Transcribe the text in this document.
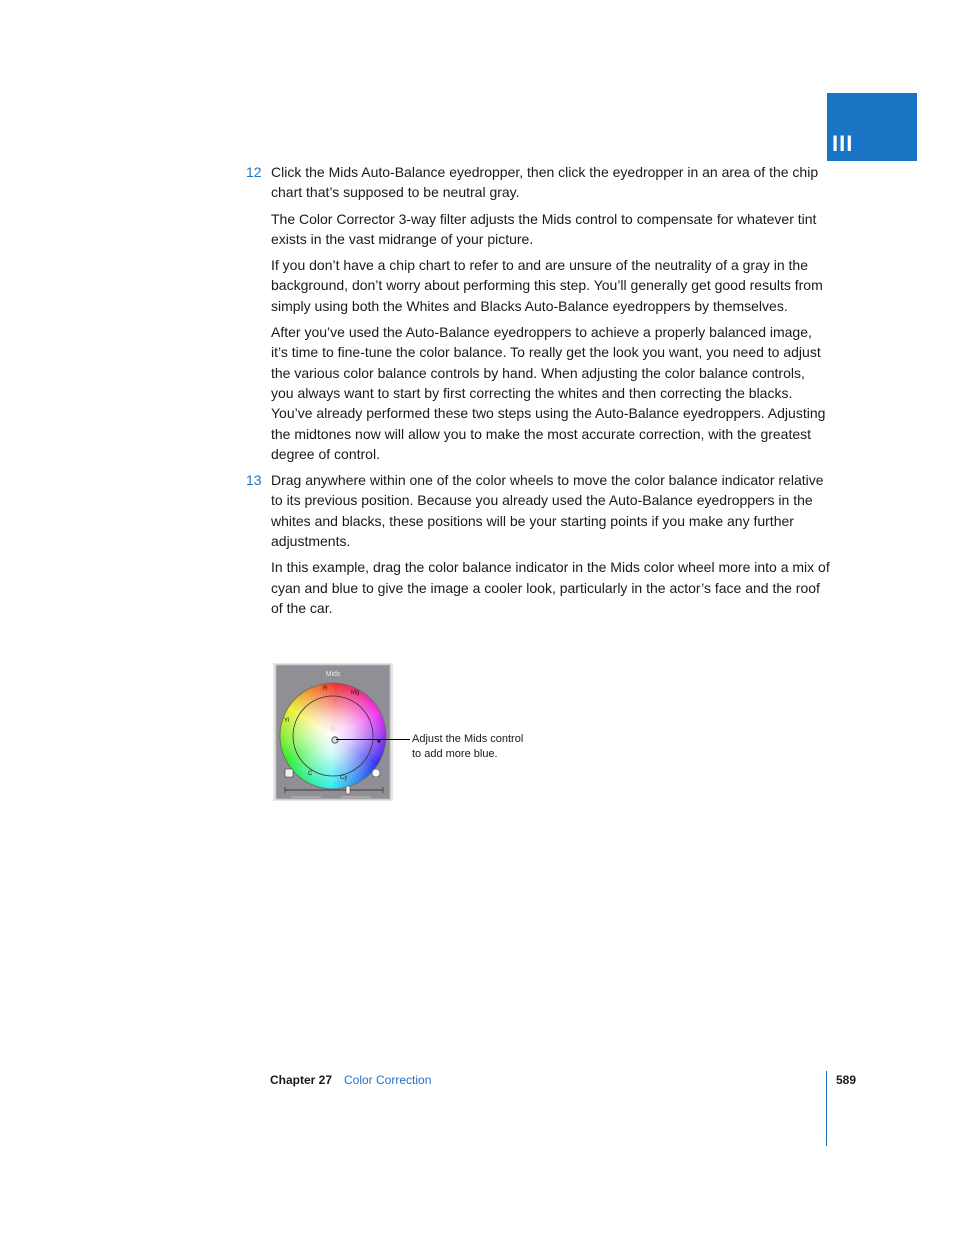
III
12 Click the Mids Auto-Balance eyedropper, then click the eyedropper in an area of the chip chart that’s supposed to be neutral gray.

The Color Corrector 3-way filter adjusts the Mids control to compensate for whatever tint exists in the vast midrange of your picture.

If you don’t have a chip chart to refer to and are unsure of the neutrality of a gray in the background, don’t worry about performing this step. You’ll generally get good results from simply using both the Whites and Blacks Auto-Balance eyedroppers by themselves.

After you’ve used the Auto-Balance eyedroppers to achieve a properly balanced image, it’s time to fine-tune the color balance. To really get the look you want, you need to adjust the various color balance controls by hand. When adjusting the color balance controls, you always want to start by first correcting the whites and then correcting the blacks. You’ve already performed these two steps using the Auto-Balance eyedroppers. Adjusting the midtones now will allow you to make the most accurate correction, with the greatest degree of control.

13 Drag anywhere within one of the color wheels to move the color balance indicator relative to its previous position. Because you already used the Auto-Balance eyedroppers in the whites and blacks, these positions will be your starting points if you make any further adjustments.

In this example, drag the color balance indicator in the Mids color wheel more into a mix of cyan and blue to give the image a cooler look, particularly in the actor’s face and the roof of the car.

Mids
R
Mg
Yl
C
Cy
Adjust the Mids control
to add more blue.
Chapter 27 Color Correction	589
